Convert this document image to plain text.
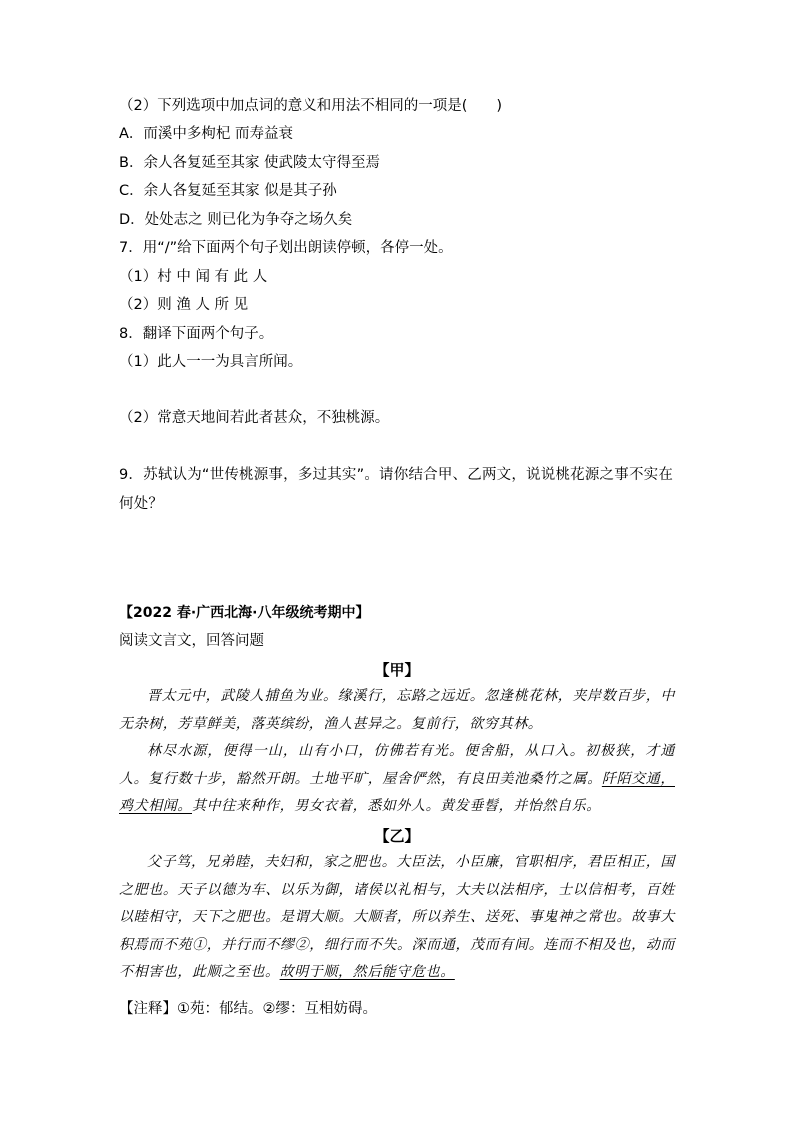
（2）下列选项中加点词的意义和用法不相同的一项是(　　)
A．而溪中多枸杞 而寿益衰
B．余人各复延至其家 使武陵太守得至焉
C．余人各复延至其家 似是其子孙
D．处处志之 则已化为争夺之场久矣
7．用“/”给下面两个句子划出朗读停顿，各停一处。
（1）村 中 闻 有 此 人
（2）则 渔 人 所 见
8．翻译下面两个句子。
（1）此人一一为具言所闻。
（2）常意天地间若此者甚众，不独桃源。
9．苏轼认为“世传桃源事，多过其实”。请你结合甲、乙两文，说说桃花源之事不实在何处？
【2022 春·广西北海·八年级统考期中】
阅读文言文，回答问题
【甲】
晋太元中，武陵人捕鱼为业。缘溪行，忘路之远近。忽逢桃花林，夹岸数百步，中无杂树，芳草鲜美，落英缤纷，渔人甚异之。复前行，欲穷其林。
林尽水源，便得一山，山有小口，仿佛若有光。便舍船，从口入。初极狭，才通人。复行数十步，豁然开朗。土地平旷，屋舍俨然，有良田美池桑竹之属。阡陌交通，鸡犬相闻。其中往来种作，男女衣着，悉如外人。黄发垂髫，并怡然自乐。
【乙】
父子笃，兄弟睦，夫妇和，家之肥也。大臣法，小臣廉，官职相序，君臣相正，国之肥也。天子以德为车、以乐为御，诸侯以礼相与，大夫以法相序，士以信相考，百姓以睦相守，天下之肥也。是谓大顺。大顺者，所以养生、送死、事鬼神之常也。故事大积焉而不苑①，并行而不缪②，细行而不失。深而通，茂而有间。连而不相及也，动而不相害也，此顺之至也。故明于顺，然后能守危也。
【注释】①苑：郁结。②缪：互相妨碍。
